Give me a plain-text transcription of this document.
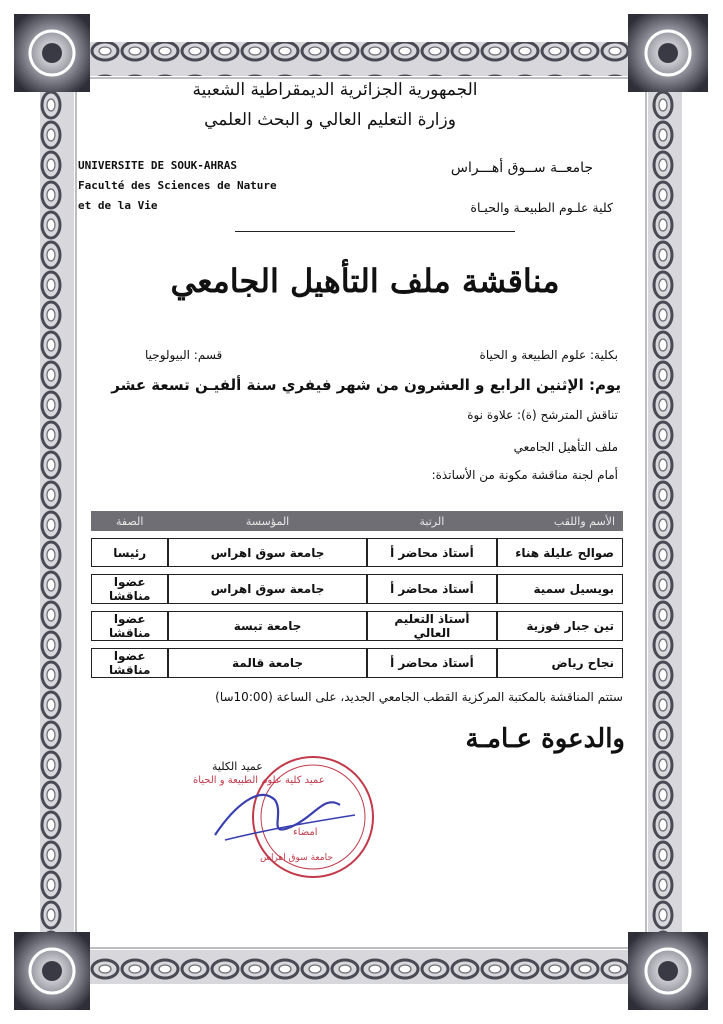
الجمهورية الجزائرية الديمقراطية الشعبية
وزارة التعليم العالي و البحث العلمي
UNIVERSITE DE SOUK-AHRAS
Faculté des Sciences de Nature
et de la Vie
جامعــة ســوق أهـــراس
كلية علـوم الطبيعـة والحيـاة
مناقشة ملف التأهيل الجامعي
بكلية: علوم الطبيعة و الحياة
قسم: البيولوجيا
يوم: الإثنين الرابع و العشرون من شهر فيفري سنة ألفيـن تسعة عشر
تناقش المترشح (ة): علاوة نوة
ملف التأهيل الجامعي
أمام لجنة مناقشة مكونة من الأساتذة:
الأسم واللقب	الرتبة	المؤسسة	الصفة
صوالح عليلة هناء	أستاذ محاضر أ	جامعة سوق اهراس	رئيسا
بويسيل سمية	أستاذ محاضر أ	جامعة سوق اهراس	عضوا مناقشا
تين جبار فوزية	أستاذ التعليم العالي	جامعة تبسة	عضوا مناقشا
نجاح رياض	أستاذ محاضر أ	جامعة قالمة	عضوا مناقشا
ستتم المناقشة بالمكتبة المركزية القطب الجامعي الجديد، على الساعة (10:00سا)
والدعوة عـامـة
عميد الكلية
عميد كلية علوم الطبيعة و الحياة
امضاء
جامعة سوق اهراس
